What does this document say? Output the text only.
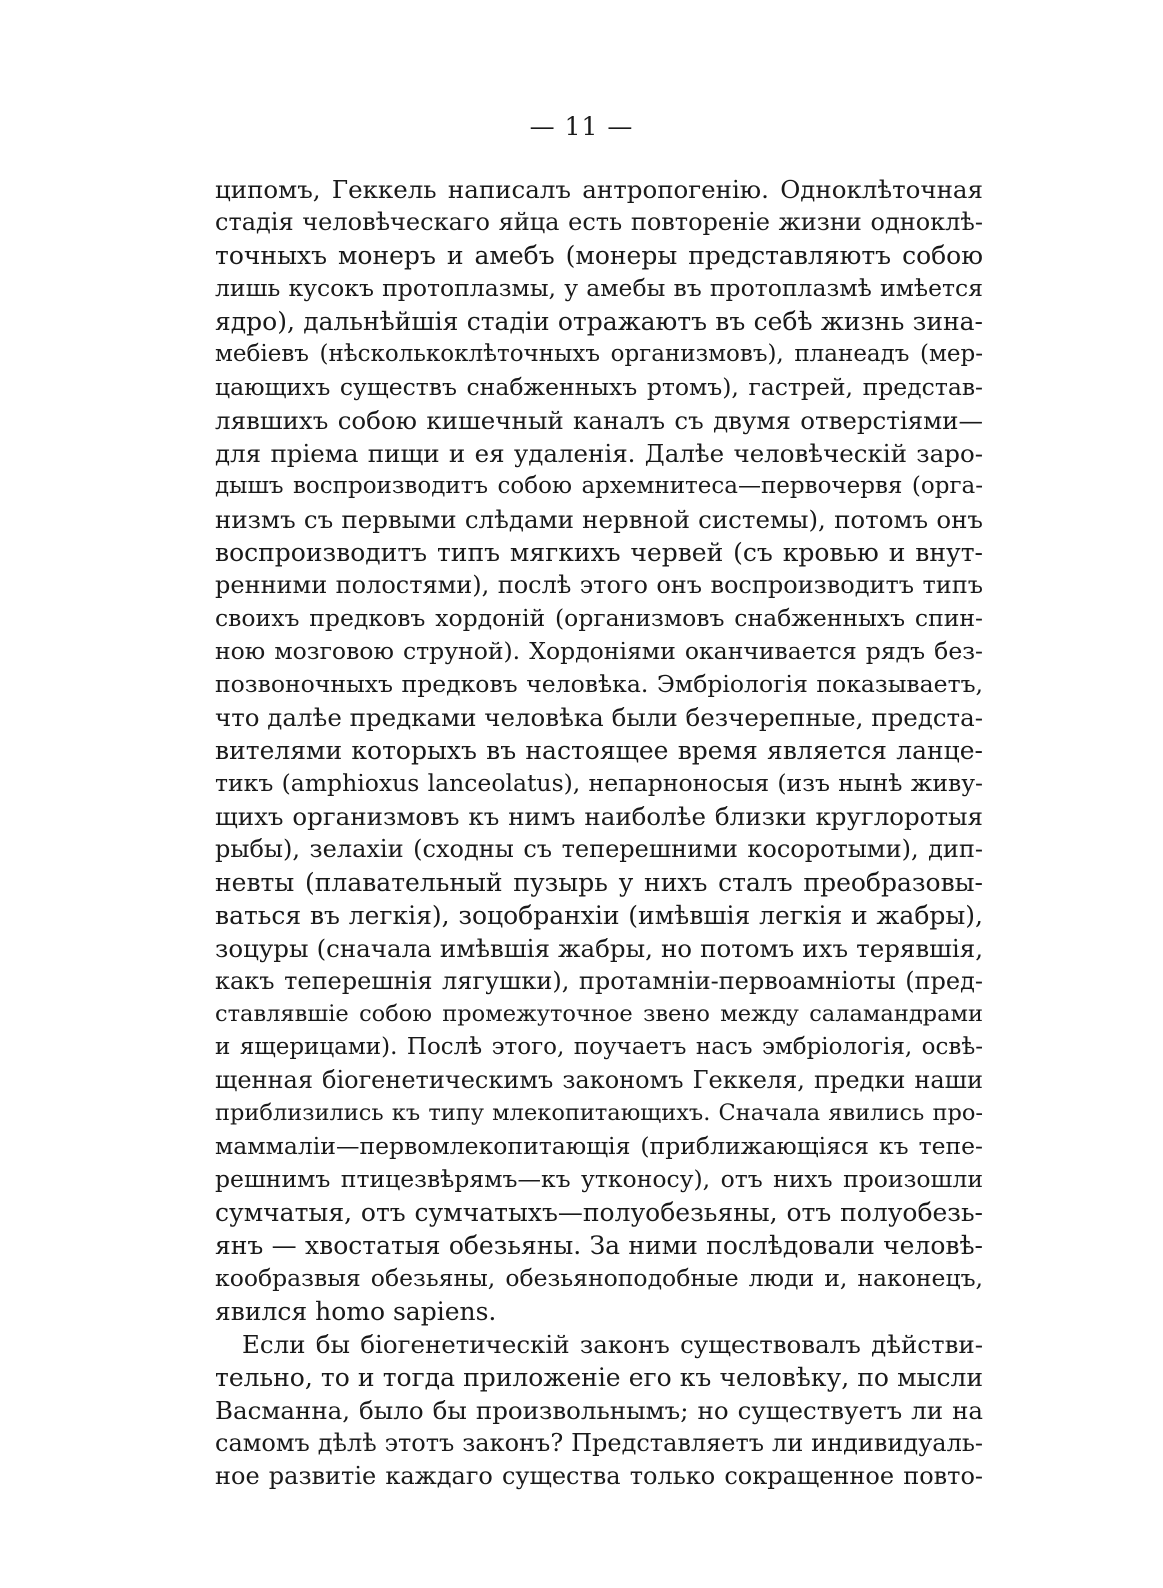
— 11 —
ципомъ, Геккель написалъ антропогенію. Одноклѣточная
стадія человѣческаго яйца есть повтореніе жизни одноклѣ-
точныхъ монеръ и амебъ (монеры представляютъ собою
лишь кусокъ протоплазмы, у амебы въ протоплазмѣ имѣется
ядро), дальнѣйшія стадіи отражаютъ въ себѣ жизнь зина-
мебіевъ (нѣсколькоклѣточныхъ организмовъ), планеадъ (мер-
цающихъ существъ снабженныхъ ртомъ), гастрей, представ-
лявшихъ собою кишечный каналъ съ двумя отверстіями—
для пріема пищи и ея удаленія. Далѣе человѣческій заро-
дышъ воспроизводитъ собою архемнитеса—первочервя (орга-
низмъ съ первыми слѣдами нервной системы), потомъ онъ
воспроизводитъ типъ мягкихъ червей (съ кровью и внут-
ренними полостями), послѣ этого онъ воспроизводитъ типъ
своихъ предковъ хордоній (организмовъ снабженныхъ спин-
ною мозговою струной). Хордоніями оканчивается рядъ без-
позвоночныхъ предковъ человѣка. Эмбріологія показываетъ,
что далѣе предками человѣка были безчерепные, предста-
вителями которыхъ въ настоящее время является ланце-
тикъ (amphioxus lanceolatus), непарноносыя (изъ нынѣ живу-
щихъ организмовъ къ нимъ наиболѣе близки круглоротыя
рыбы), зелахіи (сходны съ теперешними косоротыми), дип-
невты (плавательный пузырь у нихъ сталъ преобразовы-
ваться въ легкія), зоцобранхіи (имѣвшія легкія и жабры),
зоцуры (сначала имѣвшія жабры, но потомъ ихъ терявшія,
какъ теперешнія лягушки), протамніи-первоамніоты (пред-
ставлявшіе собою промежуточное звено между саламандрами
и ящерицами). Послѣ этого, поучаетъ насъ эмбріологія, освѣ-
щенная біогенетическимъ закономъ Геккеля, предки наши
приблизились къ типу млекопитающихъ. Сначала явились про-
маммаліи—первомлекопитающія (приближающіяся къ тепе-
решнимъ птицезвѣрямъ—къ утконосу), отъ нихъ произошли
сумчатыя, отъ сумчатыхъ—полуобезьяны, отъ полуобезь-
янъ — хвостатыя обезьяны. За ними послѣдовали человѣ-
кообразвыя обезьяны, обезьяноподобные люди и, наконецъ,
явился homo sapiens.
Если бы біогенетическій законъ существовалъ дѣйстви-
тельно, то и тогда приложеніе его къ человѣку, по мысли
Васманна, было бы произвольнымъ; но существуетъ ли на
самомъ дѣлѣ этотъ законъ? Представляетъ ли индивидуаль-
ное развитіе каждаго существа только сокращенное повто-
